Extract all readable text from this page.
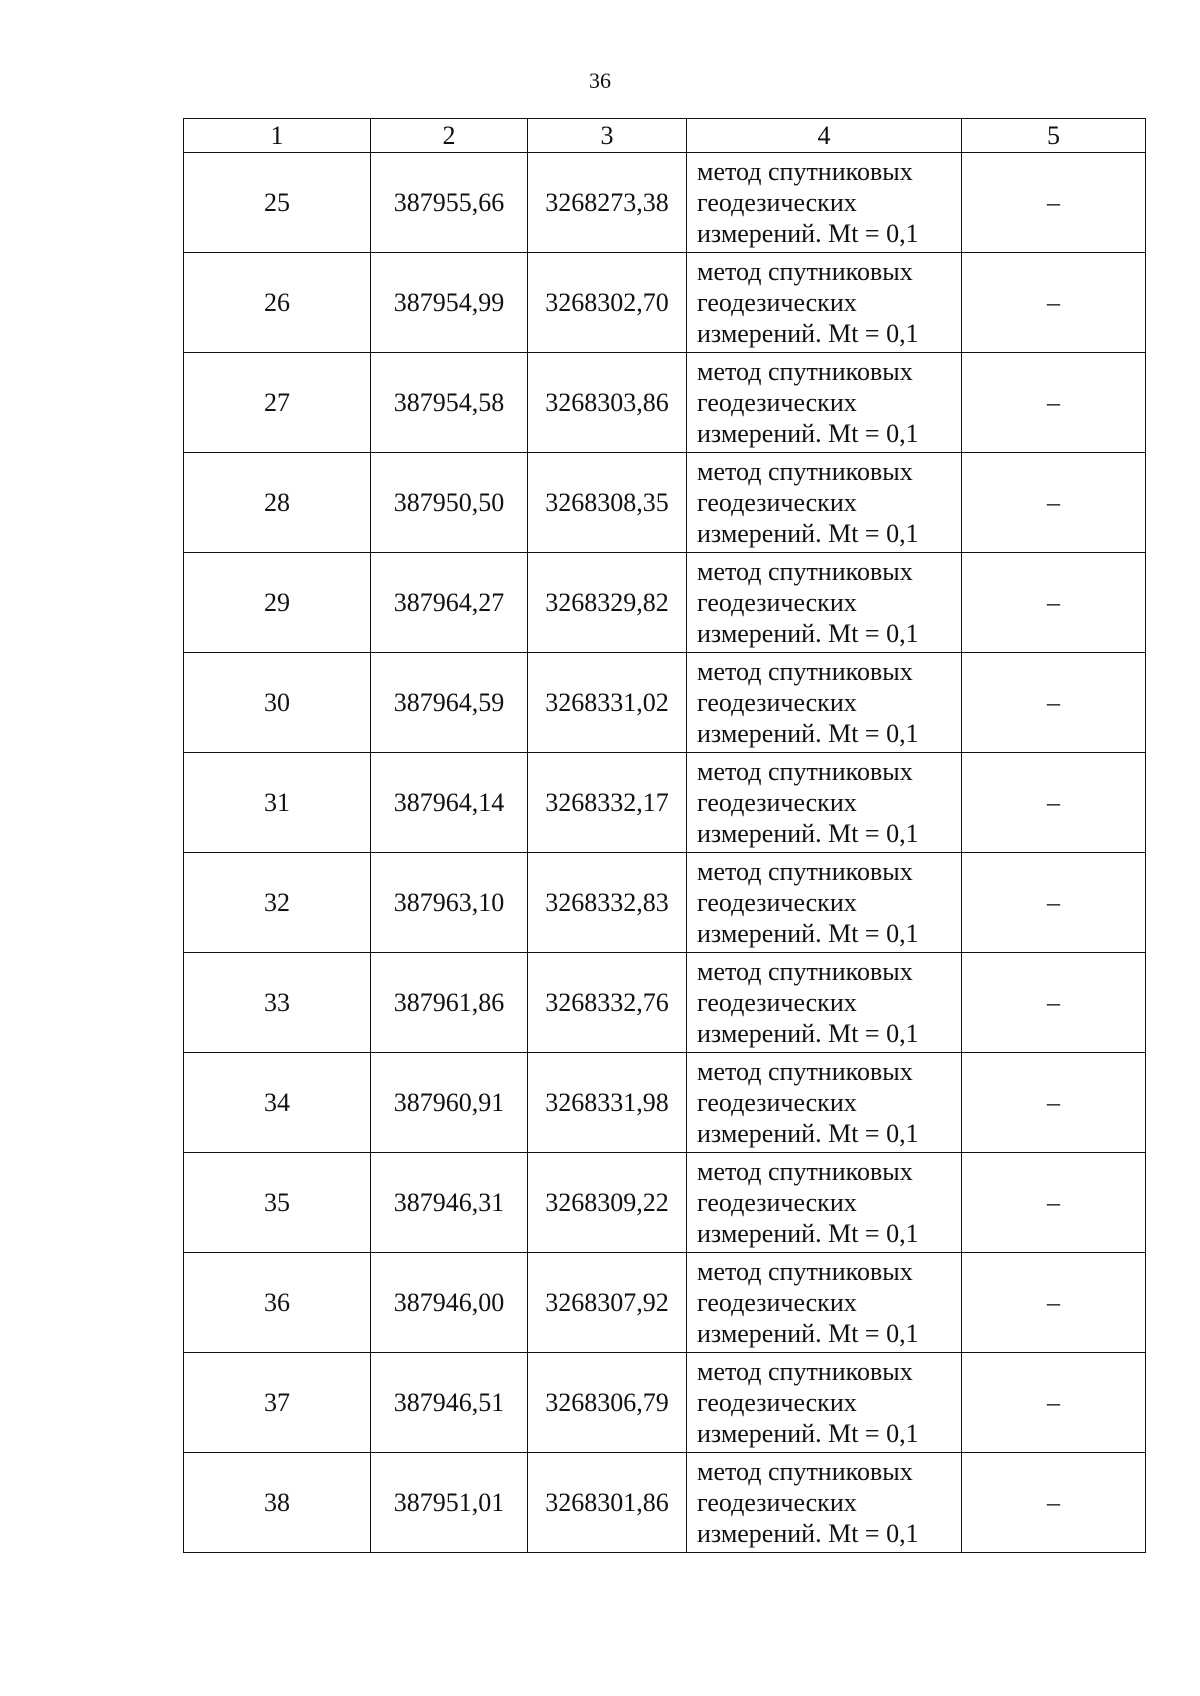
36
1	2	3	4	5
25	387955,66	3268273,38	метод спутниковых
геодезических
измерений. Mt = 0,1	–
26	387954,99	3268302,70	метод спутниковых
геодезических
измерений. Mt = 0,1	–
27	387954,58	3268303,86	метод спутниковых
геодезических
измерений. Mt = 0,1	–
28	387950,50	3268308,35	метод спутниковых
геодезических
измерений. Mt = 0,1	–
29	387964,27	3268329,82	метод спутниковых
геодезических
измерений. Mt = 0,1	–
30	387964,59	3268331,02	метод спутниковых
геодезических
измерений. Mt = 0,1	–
31	387964,14	3268332,17	метод спутниковых
геодезических
измерений. Mt = 0,1	–
32	387963,10	3268332,83	метод спутниковых
геодезических
измерений. Mt = 0,1	–
33	387961,86	3268332,76	метод спутниковых
геодезических
измерений. Mt = 0,1	–
34	387960,91	3268331,98	метод спутниковых
геодезических
измерений. Mt = 0,1	–
35	387946,31	3268309,22	метод спутниковых
геодезических
измерений. Mt = 0,1	–
36	387946,00	3268307,92	метод спутниковых
геодезических
измерений. Mt = 0,1	–
37	387946,51	3268306,79	метод спутниковых
геодезических
измерений. Mt = 0,1	–
38	387951,01	3268301,86	метод спутниковых
геодезических
измерений. Mt = 0,1	–
